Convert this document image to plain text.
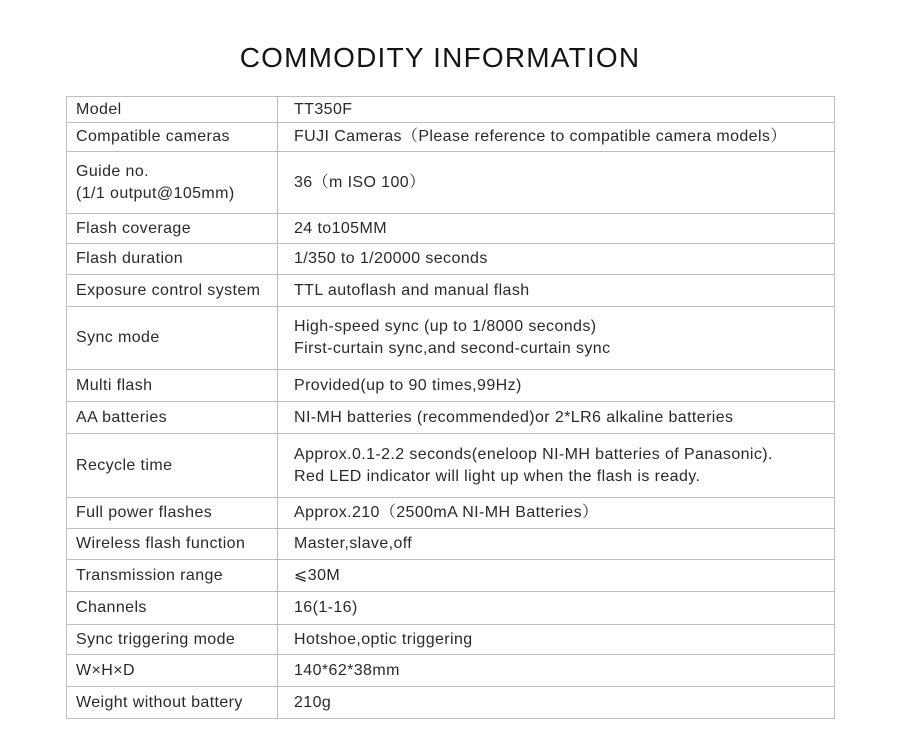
COMMODITY INFORMATION
Model	TT350F

Compatible cameras	FUJI Cameras（Please reference to compatible camera models）

Guide no.
(1/1 output@105mm)	36（m ISO 100）

Flash coverage	24 to105MM

Flash duration	1/350 to 1/20000 seconds

Exposure control system	TTL autoflash and manual flash

Sync mode	High-speed sync (up to 1/8000 seconds)
First-curtain sync,and second-curtain sync

Multi flash	Provided(up to 90 times,99Hz)

AA batteries	NI-MH batteries (recommended)or 2*LR6 alkaline batteries

Recycle time	Approx.0.1-2.2 seconds(eneloop NI-MH batteries of Panasonic).
Red LED indicator will light up when the flash is ready.

Full power flashes	Approx.210（2500mA NI-MH Batteries）

Wireless flash function	Master,slave,off

Transmission range	⩽30M

Channels	16(1-16)

Sync triggering mode	Hotshoe,optic triggering

W×H×D	140*62*38mm

Weight without battery	210g
